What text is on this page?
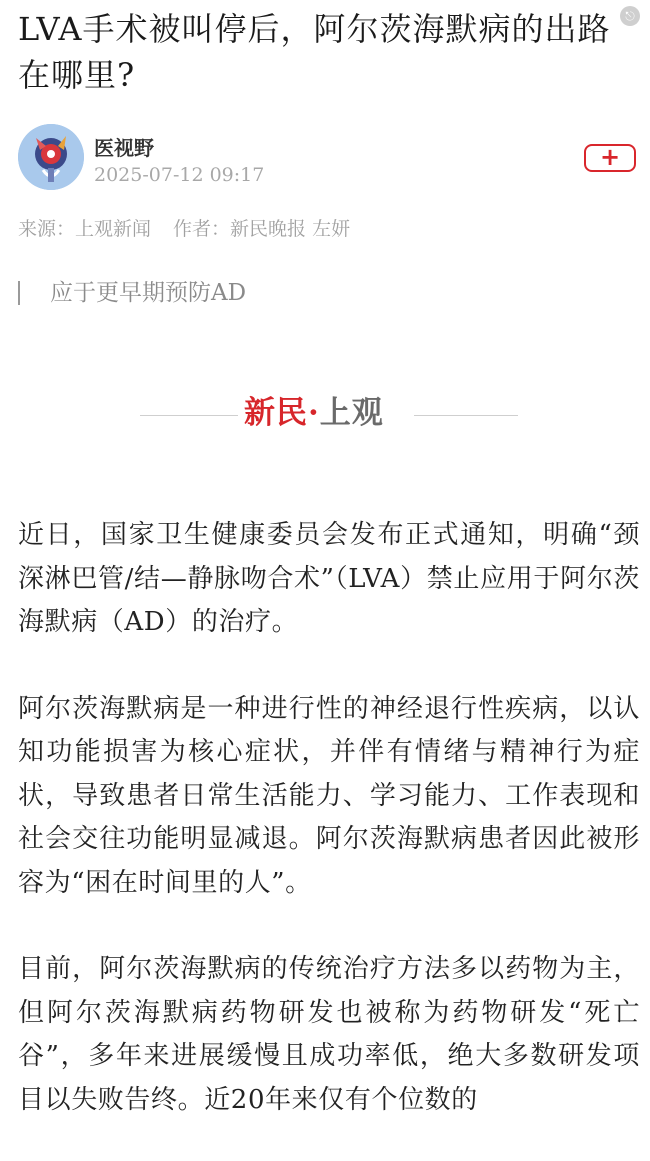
⎋
LVA手术被叫停后，阿尔茨海默病的出路在哪里?
医视野
2025-07-12 09:17
+
来源：上观新闻 作者：新民晚报 左妍
应于更早期预防AD
新民·上观

近日，国家卫生健康委员会发布正式通知，明确“颈深淋巴管/结—静脉吻合术”（LVA）禁止应用于阿尔茨海默病（AD）的治疗。

阿尔茨海默病是一种进行性的神经退行性疾病，以认知功能损害为核心症状，并伴有情绪与精神行为症状，导致患者日常生活能力、学习能力、工作表现和社会交往功能明显减退。阿尔茨海默病患者因此被形容为“困在时间里的人”。

目前，阿尔茨海默病的传统治疗方法多以药物为主，但阿尔茨海默病药物研发也被称为药物研发“死亡谷”，多年来进展缓慢且成功率低，绝大多数研发项目以失败告终。近20年来仅有个位数的
